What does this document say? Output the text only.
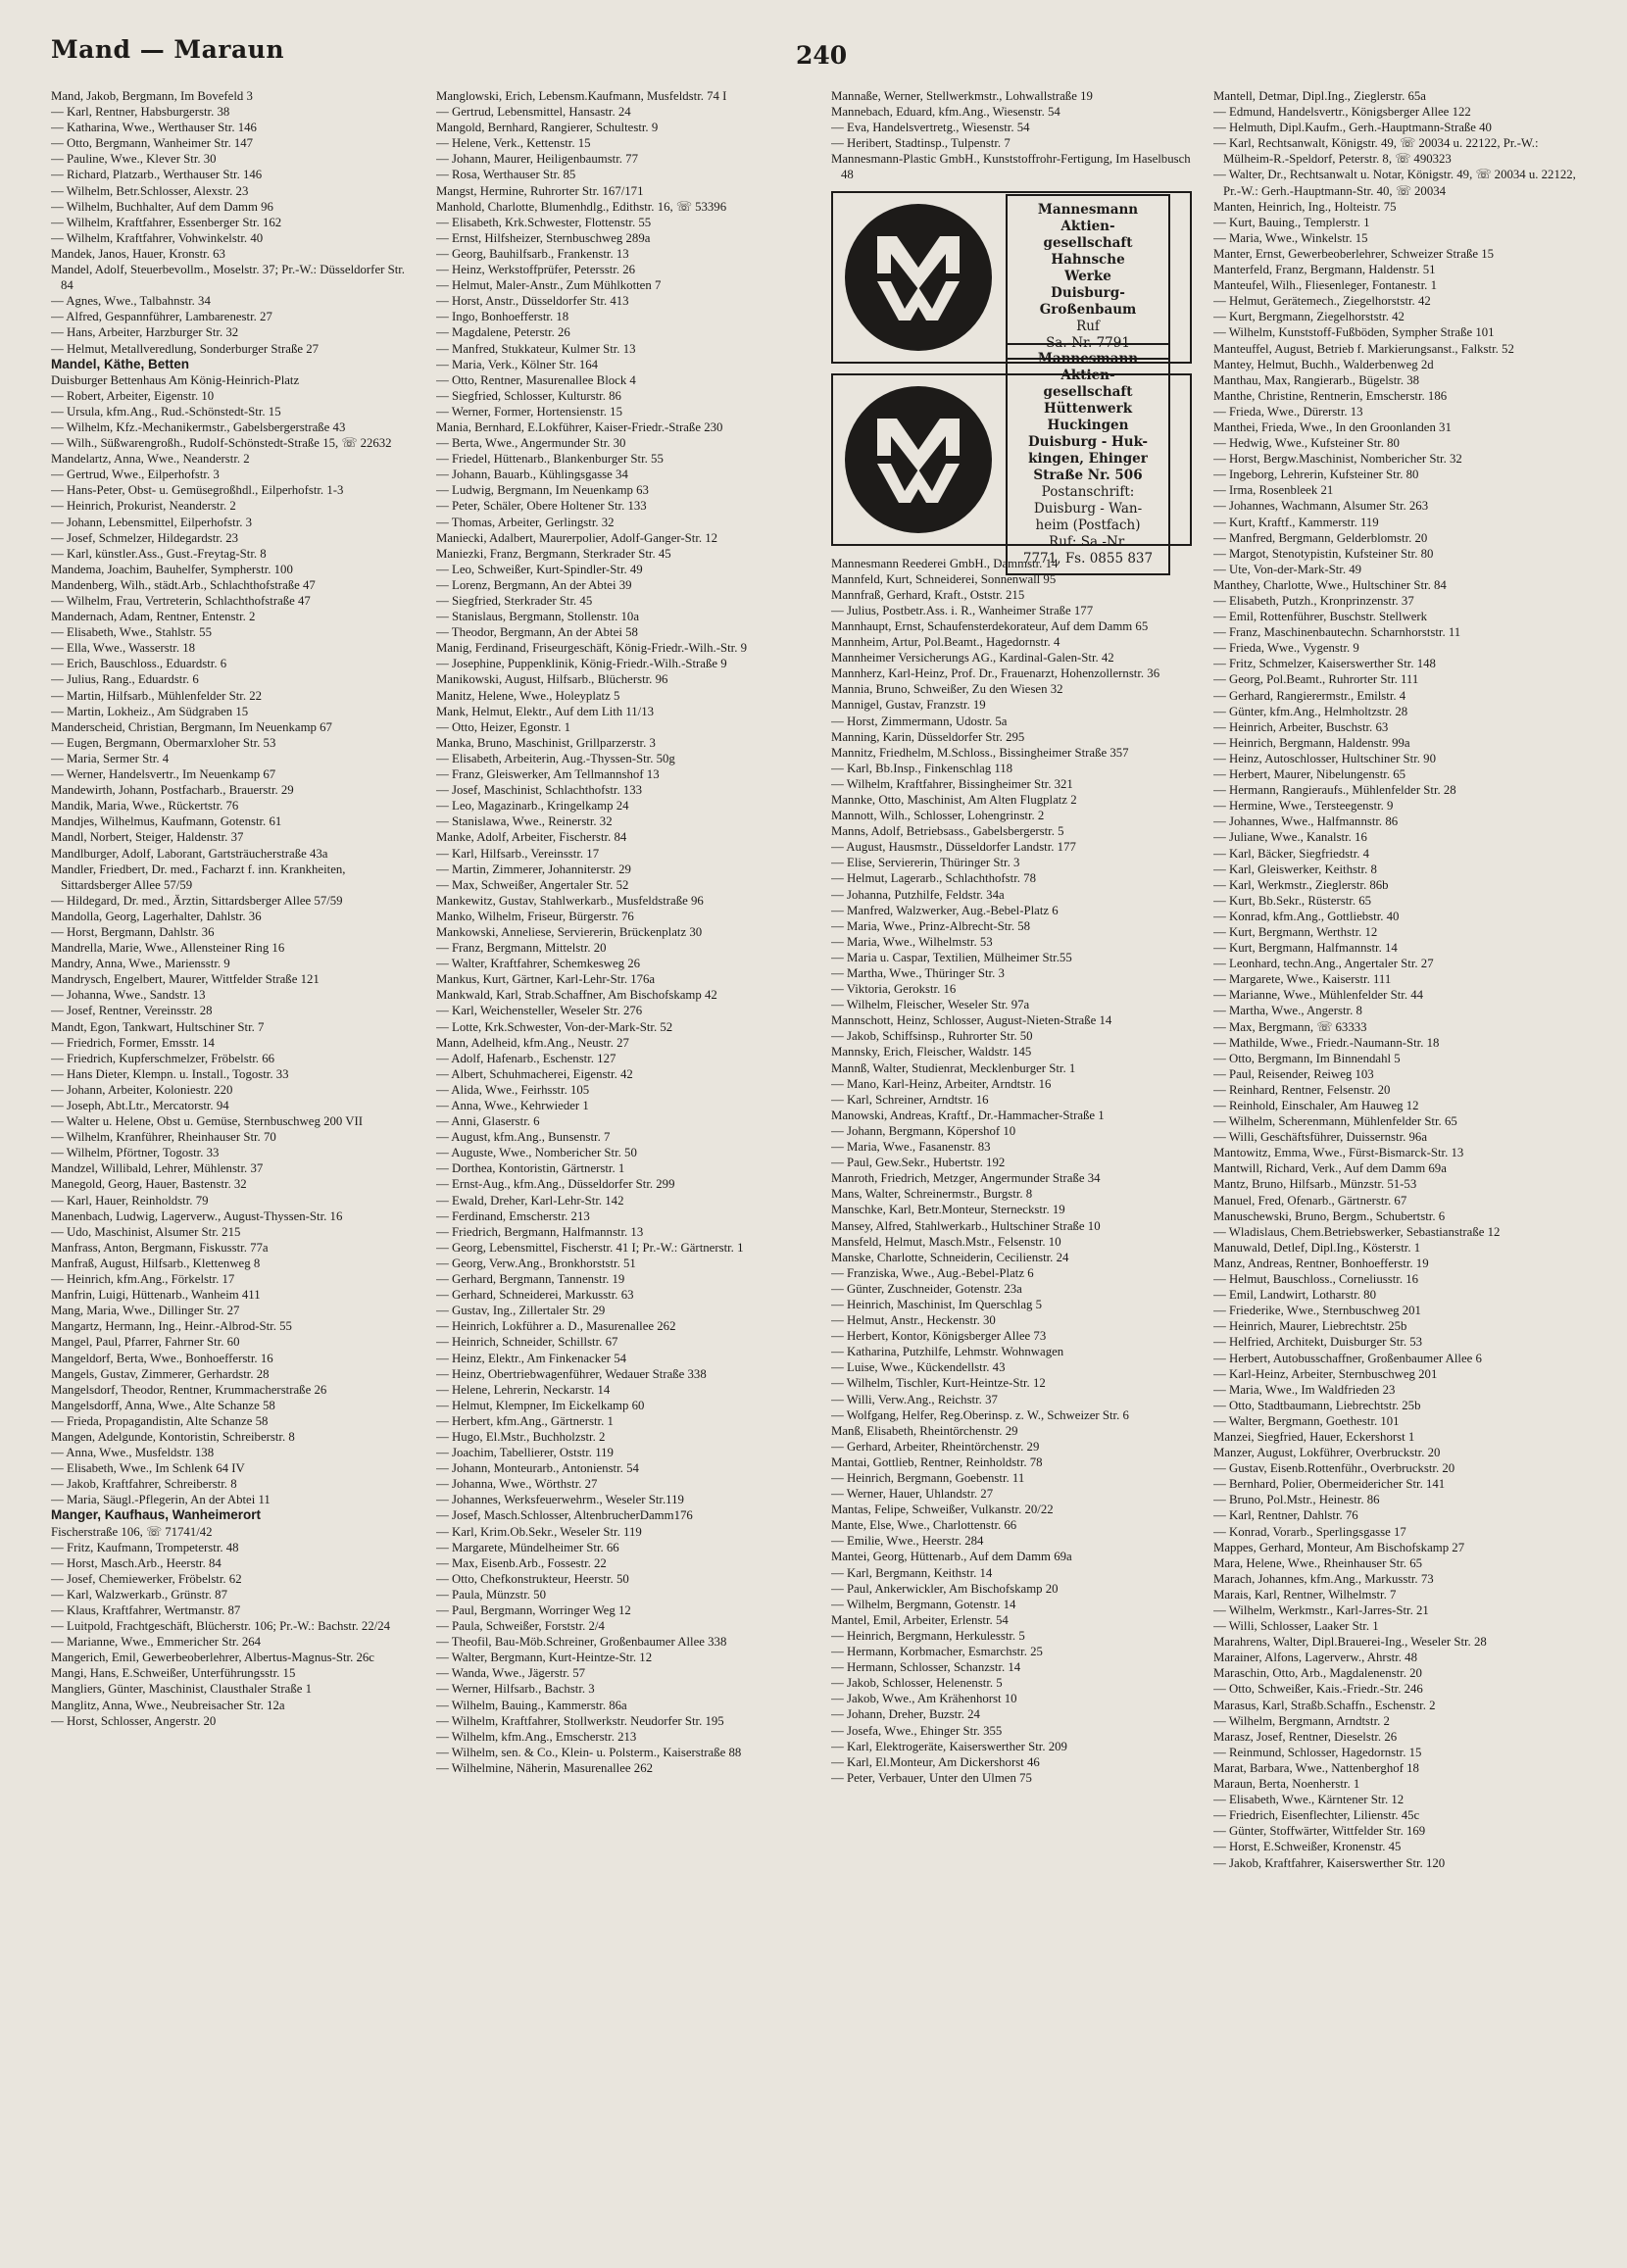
Mand — Maraun	240
Mand, Jakob, Bergmann, Im Bovefeld 3
— Karl, Rentner, Habsburgerstr. 38
— Katharina, Wwe., Werthauser Str. 146
— Otto, Bergmann, Wanheimer Str. 147
— Pauline, Wwe., Klever Str. 30
— Richard, Platzarb., Werthauser Str. 146
— Wilhelm, Betr.Schlosser, Alexstr. 23
— Wilhelm, Buchhalter, Auf dem Damm 96
— Wilhelm, Kraftfahrer, Essenberger Str. 162
— Wilhelm, Kraftfahrer, Vohwinkelstr. 40
Mandek, Janos, Hauer, Kronstr. 63
Mandel, Adolf, Steuerbevollm., Moselstr. 37; Pr.-W.: Düsseldorfer Str. 84
— Agnes, Wwe., Talbahnstr. 34
— Alfred, Gespannführer, Lambarenestr. 27
— Hans, Arbeiter, Harzburger Str. 32
— Helmut, Metallveredlung, Sonderburger Straße 27
Mandel, Käthe, Betten
Duisburger Bettenhaus Am König-Heinrich-Platz
— Robert, Arbeiter, Eigenstr. 10
— Ursula, kfm.Ang., Rud.-Schönstedt-Str. 15
— Wilhelm, Kfz.-Mechanikermstr., Gabelsbergerstraße 43
— Wilh., Süßwarengroßh., Rudolf-Schönstedt-Straße 15, ☏ 22632
Mandelartz, Anna, Wwe., Neanderstr. 2
— Gertrud, Wwe., Eilperhofstr. 3
— Hans-Peter, Obst- u. Gemüsegroßhdl., Eilperhofstr. 1-3
— Heinrich, Prokurist, Neanderstr. 2
— Johann, Lebensmittel, Eilperhofstr. 3
— Josef, Schmelzer, Hildegardstr. 23
— Karl, künstler.Ass., Gust.-Freytag-Str. 8
Mandema, Joachim, Bauhelfer, Sympherstr. 100
Mandenberg, Wilh., städt.Arb., Schlachthofstraße 47
— Wilhelm, Frau, Vertreterin, Schlachthofstraße 47
Mandernach, Adam, Rentner, Entenstr. 2
— Elisabeth, Wwe., Stahlstr. 55
— Ella, Wwe., Wasserstr. 18
— Erich, Bauschloss., Eduardstr. 6
— Julius, Rang., Eduardstr. 6
— Martin, Hilfsarb., Mühlenfelder Str. 22
— Martin, Lokheiz., Am Südgraben 15
Manderscheid, Christian, Bergmann, Im Neuenkamp 67
— Eugen, Bergmann, Obermarxloher Str. 53
— Maria, Sermer Str. 4
— Werner, Handelsvertr., Im Neuenkamp 67
Mandewirth, Johann, Postfacharb., Brauerstr. 29
Mandik, Maria, Wwe., Rückertstr. 76
Mandjes, Wilhelmus, Kaufmann, Gotenstr. 61
Mandl, Norbert, Steiger, Haldenstr. 37
Mandlburger, Adolf, Laborant, Gartsträucherstraße 43a
Mandler, Friedbert, Dr. med., Facharzt f. inn. Krankheiten, Sittardsberger Allee 57/59
— Hildegard, Dr. med., Ärztin, Sittardsberger Allee 57/59
Mandolla, Georg, Lagerhalter, Dahlstr. 36
— Horst, Bergmann, Dahlstr. 36
Mandrella, Marie, Wwe., Allensteiner Ring 16
Mandry, Anna, Wwe., Mariensstr. 9
Mandrysch, Engelbert, Maurer, Wittfelder Straße 121
— Johanna, Wwe., Sandstr. 13
— Josef, Rentner, Vereinsstr. 28
Mandt, Egon, Tankwart, Hultschiner Str. 7
— Friedrich, Former, Emsstr. 14
— Friedrich, Kupferschmelzer, Fröbelstr. 66
— Hans Dieter, Klempn. u. Install., Togostr. 33
— Johann, Arbeiter, Koloniestr. 220
— Joseph, Abt.Ltr., Mercatorstr. 94
— Walter u. Helene, Obst u. Gemüse, Sternbuschweg 200 VII
— Wilhelm, Kranführer, Rheinhauser Str. 70
— Wilhelm, Pförtner, Togostr. 33
Mandzel, Willibald, Lehrer, Mühlenstr. 37
Manegold, Georg, Hauer, Bastenstr. 32
— Karl, Hauer, Reinholdstr. 79
Manenbach, Ludwig, Lagerverw., August-Thyssen-Str. 16
— Udo, Maschinist, Alsumer Str. 215
Manfrass, Anton, Bergmann, Fiskusstr. 77a
Manfraß, August, Hilfsarb., Klettenweg 8
— Heinrich, kfm.Ang., Förkelstr. 17
Manfrin, Luigi, Hüttenarb., Wanheim 411
Mang, Maria, Wwe., Dillinger Str. 27
Mangartz, Hermann, Ing., Heinr.-Albrod-Str. 55
Mangel, Paul, Pfarrer, Fahrner Str. 60
Mangeldorf, Berta, Wwe., Bonhoefferstr. 16
Mangels, Gustav, Zimmerer, Gerhardstr. 28
Mangelsdorf, Theodor, Rentner, Krummacherstraße 26
Mangelsdorff, Anna, Wwe., Alte Schanze 58
— Frieda, Propagandistin, Alte Schanze 58
Mangen, Adelgunde, Kontoristin, Schreiberstr. 8
— Anna, Wwe., Musfeldstr. 138
— Elisabeth, Wwe., Im Schlenk 64 IV
— Jakob, Kraftfahrer, Schreiberstr. 8
— Maria, Säugl.-Pflegerin, An der Abtei 11
Manger, Kaufhaus, Wanheimerort
Fischerstraße 106, ☏ 71741/42
— Fritz, Kaufmann, Trompeterstr. 48
— Horst, Masch.Arb., Heerstr. 84
— Josef, Chemiewerker, Fröbelstr. 62
— Karl, Walzwerkarb., Grünstr. 87
— Klaus, Kraftfahrer, Wertmanstr. 87
— Luitpold, Frachtgeschäft, Blücherstr. 106; Pr.-W.: Bachstr. 22/24
— Marianne, Wwe., Emmericher Str. 264
Mangerich, Emil, Gewerbeoberlehrer, Albertus-Magnus-Str. 26c
Mangi, Hans, E.Schweißer, Unterführungsstr. 15
Mangliers, Günter, Maschinist, Clausthaler Straße 1
Manglitz, Anna, Wwe., Neubreisacher Str. 12a
— Horst, Schlosser, Angerstr. 20
Manglowski, Erich, Lebensm.Kaufmann, Musfeldstr. 74 I
— Gertrud, Lebensmittel, Hansastr. 24
Mangold, Bernhard, Rangierer, Schultestr. 9
— Helene, Verk., Kettenstr. 15
— Johann, Maurer, Heiligenbaumstr. 77
— Rosa, Werthauser Str. 85
Mangst, Hermine, Ruhrorter Str. 167/171
Manhold, Charlotte, Blumenhdlg., Edithstr. 16, ☏ 53396
— Elisabeth, Krk.Schwester, Flottenstr. 55
— Ernst, Hilfsheizer, Sternbuschweg 289a
— Georg, Bauhilfsarb., Frankenstr. 13
— Heinz, Werkstoffprüfer, Petersstr. 26
— Helmut, Maler-Anstr., Zum Mühlkotten 7
— Horst, Anstr., Düsseldorfer Str. 413
— Ingo, Bonhoefferstr. 18
— Magdalene, Peterstr. 26
— Manfred, Stukkateur, Kulmer Str. 13
— Maria, Verk., Kölner Str. 164
— Otto, Rentner, Masurenallee Block 4
— Siegfried, Schlosser, Kulturstr. 86
— Werner, Former, Hortensienstr. 15
Mania, Bernhard, E.Lokführer, Kaiser-Friedr.-Straße 230
— Berta, Wwe., Angermunder Str. 30
— Friedel, Hüttenarb., Blankenburger Str. 55
— Johann, Bauarb., Kühlingsgasse 34
— Ludwig, Bergmann, Im Neuenkamp 63
— Peter, Schäler, Obere Holtener Str. 133
— Thomas, Arbeiter, Gerlingstr. 32
Maniecki, Adalbert, Maurerpolier, Adolf-Ganger-Str. 12
Maniezki, Franz, Bergmann, Sterkrader Str. 45
— Leo, Schweißer, Kurt-Spindler-Str. 49
— Lorenz, Bergmann, An der Abtei 39
— Siegfried, Sterkrader Str. 45
— Stanislaus, Bergmann, Stollenstr. 10a
— Theodor, Bergmann, An der Abtei 58
Manig, Ferdinand, Friseurgeschäft, König-Friedr.-Wilh.-Str. 9
— Josephine, Puppenklinik, König-Friedr.-Wilh.-Straße 9
Manikowski, August, Hilfsarb., Blücherstr. 96
Manitz, Helene, Wwe., Holeyplatz 5
Mank, Helmut, Elektr., Auf dem Lith 11/13
— Otto, Heizer, Egonstr. 1
Manka, Bruno, Maschinist, Grillparzerstr. 3
— Elisabeth, Arbeiterin, Aug.-Thyssen-Str. 50g
— Franz, Gleiswerker, Am Tellmannshof 13
— Josef, Maschinist, Schlachthofstr. 133
— Leo, Magazinarb., Kringelkamp 24
— Stanislawa, Wwe., Reinerstr. 32
Manke, Adolf, Arbeiter, Fischerstr. 84
— Karl, Hilfsarb., Vereinsstr. 17
— Martin, Zimmerer, Johanniterstr. 29
— Max, Schweißer, Angertaler Str. 52
Mankewitz, Gustav, Stahlwerkarb., Musfeldstraße 96
Manko, Wilhelm, Friseur, Bürgerstr. 76
Mankowski, Anneliese, Serviererin, Brückenplatz 30
— Franz, Bergmann, Mittelstr. 20
— Walter, Kraftfahrer, Schemkesweg 26
Mankus, Kurt, Gärtner, Karl-Lehr-Str. 176a
Mankwald, Karl, Strab.Schaffner, Am Bischofskamp 42
— Karl, Weichensteller, Weseler Str. 276
— Lotte, Krk.Schwester, Von-der-Mark-Str. 52
Mann, Adelheid, kfm.Ang., Neustr. 27
— Adolf, Hafenarb., Eschenstr. 127
— Albert, Schuhmacherei, Eigenstr. 42
— Alida, Wwe., Feirhsstr. 105
— Anna, Wwe., Kehrwieder 1
— Anni, Glaserstr. 6
— August, kfm.Ang., Bunsenstr. 7
— Auguste, Wwe., Nombericher Str. 50
— Dorthea, Kontoristin, Gärtnerstr. 1
— Ernst-Aug., kfm.Ang., Düsseldorfer Str. 299
— Ewald, Dreher, Karl-Lehr-Str. 142
— Ferdinand, Emscherstr. 213
— Friedrich, Bergmann, Halfmannstr. 13
— Georg, Lebensmittel, Fischerstr. 41 I; Pr.-W.: Gärtnerstr. 1
— Georg, Verw.Ang., Bronkhorststr. 51
— Gerhard, Bergmann, Tannenstr. 19
— Gerhard, Schneiderei, Markusstr. 63
— Gustav, Ing., Zillertaler Str. 29
— Heinrich, Lokführer a. D., Masurenallee 262
— Heinrich, Schneider, Schillstr. 67
— Heinz, Elektr., Am Finkenacker 54
— Heinz, Obertriebwagenführer, Wedauer Straße 338
— Helene, Lehrerin, Neckarstr. 14
— Helmut, Klempner, Im Eickelkamp 60
— Herbert, kfm.Ang., Gärtnerstr. 1
— Hugo, El.Mstr., Buchholzstr. 2
— Joachim, Tabellierer, Oststr. 119
— Johann, Monteurarb., Antonienstr. 54
— Johanna, Wwe., Wörthstr. 27
— Johannes, Werksfeuerwehrm., Weseler Str.119
— Josef, Masch.Schlosser, AltenbrucherDamm176
— Karl, Krim.Ob.Sekr., Weseler Str. 119
— Margarete, Mündelheimer Str. 66
— Max, Eisenb.Arb., Fossestr. 22
— Otto, Chefkonstrukteur, Heerstr. 50
— Paula, Münzstr. 50
— Paul, Bergmann, Worringer Weg 12
— Paula, Schweißer, Forststr. 2/4
— Theofil, Bau-Möb.Schreiner, Großenbaumer Allee 338
— Walter, Bergmann, Kurt-Heintze-Str. 12
— Wanda, Wwe., Jägerstr. 57
— Werner, Hilfsarb., Bachstr. 3
— Wilhelm, Bauing., Kammerstr. 86a
— Wilhelm, Kraftfahrer, Stollwerkstr. Neudorfer Str. 195
— Wilhelm, kfm.Ang., Emscherstr. 213
— Wilhelm, sen. & Co., Klein- u. Polsterm., Kaiserstraße 88
— Wilhelmine, Näherin, Masurenallee 262
Mannaße, Werner, Stellwerkmstr., Lohwallstraße 19
Mannebach, Eduard, kfm.Ang., Wiesenstr. 54
— Eva, Handelsvertretg., Wiesenstr. 54
— Heribert, Stadtinsp., Tulpenstr. 7
Mannesmann-Plastic GmbH., Kunststoffrohr-Fertigung, Im Haselbusch 48
Mannesmann
Aktien-
gesellschaft
Hahnsche
Werke
Duisburg-
Großenbaum
Ruf
Sa.-Nr. 7791
Mannesmann
Aktien-
gesellschaft
Hüttenwerk
Huckingen
Duisburg - Huk-
kingen, Ehinger
Straße Nr. 506
Postanschrift:
Duisburg - Wan-
heim (Postfach)
Ruf: Sa.-Nr.
7771, Fs. 0855 837
Mannesmann Reederei GmbH., Dammstr. 14
Mannfeld, Kurt, Schneiderei, Sonnenwall 95
Mannfraß, Gerhard, Kraft., Oststr. 215
— Julius, Postbetr.Ass. i. R., Wanheimer Straße 177
Mannhaupt, Ernst, Schaufensterdekorateur, Auf dem Damm 65
Mannheim, Artur, Pol.Beamt., Hagedornstr. 4
Mannheimer Versicherungs AG., Kardinal-Galen-Str. 42
Mannherz, Karl-Heinz, Prof. Dr., Frauenarzt, Hohenzollernstr. 36
Mannia, Bruno, Schweißer, Zu den Wiesen 32
Mannigel, Gustav, Franzstr. 19
— Horst, Zimmermann, Udostr. 5a
Manning, Karin, Düsseldorfer Str. 295
Mannitz, Friedhelm, M.Schloss., Bissingheimer Straße 357
— Karl, Bb.Insp., Finkenschlag 118
— Wilhelm, Kraftfahrer, Bissingheimer Str. 321
Mannke, Otto, Maschinist, Am Alten Flugplatz 2
Mannott, Wilh., Schlosser, Lohengrinstr. 2
Manns, Adolf, Betriebsass., Gabelsbergerstr. 5
— August, Hausmstr., Düsseldorfer Landstr. 177
— Elise, Serviererin, Thüringer Str. 3
— Helmut, Lagerarb., Schlachthofstr. 78
— Johanna, Putzhilfe, Feldstr. 34a
— Manfred, Walzwerker, Aug.-Bebel-Platz 6
— Maria, Wwe., Prinz-Albrecht-Str. 58
— Maria, Wwe., Wilhelmstr. 53
— Maria u. Caspar, Textilien, Mülheimer Str.55
— Martha, Wwe., Thüringer Str. 3
— Viktoria, Gerokstr. 16
— Wilhelm, Fleischer, Weseler Str. 97a
Mannschott, Heinz, Schlosser, August-Nieten-Straße 14
— Jakob, Schiffsinsp., Ruhrorter Str. 50
Mannsky, Erich, Fleischer, Waldstr. 145
Mannß, Walter, Studienrat, Mecklenburger Str. 1
— Mano, Karl-Heinz, Arbeiter, Arndtstr. 16
— Karl, Schreiner, Arndtstr. 16
Manowski, Andreas, Kraftf., Dr.-Hammacher-Straße 1
— Johann, Bergmann, Köpershof 10
— Maria, Wwe., Fasanenstr. 83
— Paul, Gew.Sekr., Hubertstr. 192
Manroth, Friedrich, Metzger, Angermunder Straße 34
Mans, Walter, Schreinermstr., Burgstr. 8
Manschke, Karl, Betr.Monteur, Sterneckstr. 19
Mansey, Alfred, Stahlwerkarb., Hultschiner Straße 10
Mansfeld, Helmut, Masch.Mstr., Felsenstr. 10
Manske, Charlotte, Schneiderin, Cecilienstr. 24
— Franziska, Wwe., Aug.-Bebel-Platz 6
— Günter, Zuschneider, Gotenstr. 23a
— Heinrich, Maschinist, Im Querschlag 5
— Helmut, Anstr., Heckenstr. 30
— Herbert, Kontor, Königsberger Allee 73
— Katharina, Putzhilfe, Lehmstr. Wohnwagen
— Luise, Wwe., Kückendellstr. 43
— Wilhelm, Tischler, Kurt-Heintze-Str. 12
— Willi, Verw.Ang., Reichstr. 37
— Wolfgang, Helfer, Reg.Oberinsp. z. W., Schweizer Str. 6
Manß, Elisabeth, Rheintörchenstr. 29
— Gerhard, Arbeiter, Rheintörchenstr. 29
Mantai, Gottlieb, Rentner, Reinholdstr. 78
— Heinrich, Bergmann, Goebenstr. 11
— Werner, Hauer, Uhlandstr. 27
Mantas, Felipe, Schweißer, Vulkanstr. 20/22
Mante, Else, Wwe., Charlottenstr. 66
— Emilie, Wwe., Heerstr. 284
Mantei, Georg, Hüttenarb., Auf dem Damm 69a
— Karl, Bergmann, Keithstr. 14
— Paul, Ankerwickler, Am Bischofskamp 20
— Wilhelm, Bergmann, Gotenstr. 14
Mantel, Emil, Arbeiter, Erlenstr. 54
— Heinrich, Bergmann, Herkulesstr. 5
— Hermann, Korbmacher, Esmarchstr. 25
— Hermann, Schlosser, Schanzstr. 14
— Jakob, Schlosser, Helenenstr. 5
— Jakob, Wwe., Am Krähenhorst 10
— Johann, Dreher, Buzstr. 24
— Josefa, Wwe., Ehinger Str. 355
— Karl, Elektrogeräte, Kaiserswerther Str. 209
— Karl, El.Monteur, Am Dickershorst 46
— Peter, Verbauer, Unter den Ulmen 75
Mantell, Detmar, Dipl.Ing., Zieglerstr. 65a
— Edmund, Handelsvertr., Königsberger Allee 122
— Helmuth, Dipl.Kaufm., Gerh.-Hauptmann-Straße 40
— Karl, Rechtsanwalt, Königstr. 49, ☏ 20034 u. 22122, Pr.-W.: Mülheim-R.-Speldorf, Peterstr. 8, ☏ 490323
— Walter, Dr., Rechtsanwalt u. Notar, Königstr. 49, ☏ 20034 u. 22122, Pr.-W.: Gerh.-Hauptmann-Str. 40, ☏ 20034
Manten, Heinrich, Ing., Holteistr. 75
— Kurt, Bauing., Templerstr. 1
— Maria, Wwe., Winkelstr. 15
Manter, Ernst, Gewerbeoberlehrer, Schweizer Straße 15
Manterfeld, Franz, Bergmann, Haldenstr. 51
Manteufel, Wilh., Fliesenleger, Fontanestr. 1
— Helmut, Gerätemech., Ziegelhorststr. 42
— Kurt, Bergmann, Ziegelhorststr. 42
— Wilhelm, Kunststoff-Fußböden, Sympher Straße 101
Manteuffel, August, Betrieb f. Markierungsanst., Falkstr. 52
Mantey, Helmut, Buchh., Walderbenweg 2d
Manthau, Max, Rangierarb., Bügelstr. 38
Manthe, Christine, Rentnerin, Emscherstr. 186
— Frieda, Wwe., Dürerstr. 13
Manthei, Frieda, Wwe., In den Groonlanden 31
— Hedwig, Wwe., Kufsteiner Str. 80
— Horst, Bergw.Maschinist, Nombericher Str. 32
— Ingeborg, Lehrerin, Kufsteiner Str. 80
— Irma, Rosenbleek 21
— Johannes, Wachmann, Alsumer Str. 263
— Kurt, Kraftf., Kammerstr. 119
— Manfred, Bergmann, Gelderblomstr. 20
— Margot, Stenotypistin, Kufsteiner Str. 80
— Ute, Von-der-Mark-Str. 49
Manthey, Charlotte, Wwe., Hultschiner Str. 84
— Elisabeth, Putzh., Kronprinzenstr. 37
— Emil, Rottenführer, Buschstr. Stellwerk
— Franz, Maschinenbautechn. Scharnhorststr. 11
— Frieda, Wwe., Vygenstr. 9
— Fritz, Schmelzer, Kaiserswerther Str. 148
— Georg, Pol.Beamt., Ruhrorter Str. 111
— Gerhard, Rangierermstr., Emilstr. 4
— Günter, kfm.Ang., Helmholtzstr. 28
— Heinrich, Arbeiter, Buschstr. 63
— Heinrich, Bergmann, Haldenstr. 99a
— Heinz, Autoschlosser, Hultschiner Str. 90
— Herbert, Maurer, Nibelungenstr. 65
— Hermann, Rangieraufs., Mühlenfelder Str. 28
— Hermine, Wwe., Tersteegenstr. 9
— Johannes, Wwe., Halfmannstr. 86
— Juliane, Wwe., Kanalstr. 16
— Karl, Bäcker, Siegfriedstr. 4
— Karl, Gleiswerker, Keithstr. 8
— Karl, Werkmstr., Zieglerstr. 86b
— Kurt, Bb.Sekr., Rüsterstr. 65
— Konrad, kfm.Ang., Gottliebstr. 40
— Kurt, Bergmann, Werthstr. 12
— Kurt, Bergmann, Halfmannstr. 14
— Leonhard, techn.Ang., Angertaler Str. 27
— Margarete, Wwe., Kaiserstr. 111
— Marianne, Wwe., Mühlenfelder Str. 44
— Martha, Wwe., Angerstr. 8
— Max, Bergmann, ☏ 63333
— Mathilde, Wwe., Friedr.-Naumann-Str. 18
— Otto, Bergmann, Im Binnendahl 5
— Paul, Reisender, Reiweg 103
— Reinhard, Rentner, Felsenstr. 20
— Reinhold, Einschaler, Am Hauweg 12
— Wilhelm, Scherenmann, Mühlenfelder Str. 65
— Willi, Geschäftsführer, Duissernstr. 96a
Mantowitz, Emma, Wwe., Fürst-Bismarck-Str. 13
Mantwill, Richard, Verk., Auf dem Damm 69a
Mantz, Bruno, Hilfsarb., Münzstr. 51-53
Manuel, Fred, Ofenarb., Gärtnerstr. 67
Manuschewski, Bruno, Bergm., Schubertstr. 6
— Wladislaus, Chem.Betriebswerker, Sebastianstraße 12
Manuwald, Detlef, Dipl.Ing., Kösterstr. 1
Manz, Andreas, Rentner, Bonhoefferstr. 19
— Helmut, Bauschloss., Corneliusstr. 16
— Emil, Landwirt, Lotharstr. 80
— Friederike, Wwe., Sternbuschweg 201
— Heinrich, Maurer, Liebrechtstr. 25b
— Helfried, Architekt, Duisburger Str. 53
— Herbert, Autobusschaffner, Großenbaumer Allee 6
— Karl-Heinz, Arbeiter, Sternbuschweg 201
— Maria, Wwe., Im Waldfrieden 23
— Otto, Stadtbaumann, Liebrechtstr. 25b
— Walter, Bergmann, Goethestr. 101
Manzei, Siegfried, Hauer, Eckershorst 1
Manzer, August, Lokführer, Overbruckstr. 20
— Gustav, Eisenb.Rottenführ., Overbruckstr. 20
— Bernhard, Polier, Obermeidericher Str. 141
— Bruno, Pol.Mstr., Heinestr. 86
— Karl, Rentner, Dahlstr. 76
— Konrad, Vorarb., Sperlingsgasse 17
Mappes, Gerhard, Monteur, Am Bischofskamp 27
Mara, Helene, Wwe., Rheinhauser Str. 65
Marach, Johannes, kfm.Ang., Markusstr. 73
Marais, Karl, Rentner, Wilhelmstr. 7
— Wilhelm, Werkmstr., Karl-Jarres-Str. 21
— Willi, Schlosser, Laaker Str. 1
Marahrens, Walter, Dipl.Brauerei-Ing., Weseler Str. 28
Marainer, Alfons, Lagerverw., Ahrstr. 48
Maraschin, Otto, Arb., Magdalenenstr. 20
— Otto, Schweißer, Kais.-Friedr.-Str. 246
Marasus, Karl, Straßb.Schaffn., Eschenstr. 2
— Wilhelm, Bergmann, Arndtstr. 2
Marasz, Josef, Rentner, Dieselstr. 26
— Reinmund, Schlosser, Hagedornstr. 15
Marat, Barbara, Wwe., Nattenberghof 18
Maraun, Berta, Noenherstr. 1
— Elisabeth, Wwe., Kärntener Str. 12
— Friedrich, Eisenflechter, Lilienstr. 45c
— Günter, Stoffwärter, Wittfelder Str. 169
— Horst, E.Schweißer, Kronenstr. 45
— Jakob, Kraftfahrer, Kaiserswerther Str. 120
